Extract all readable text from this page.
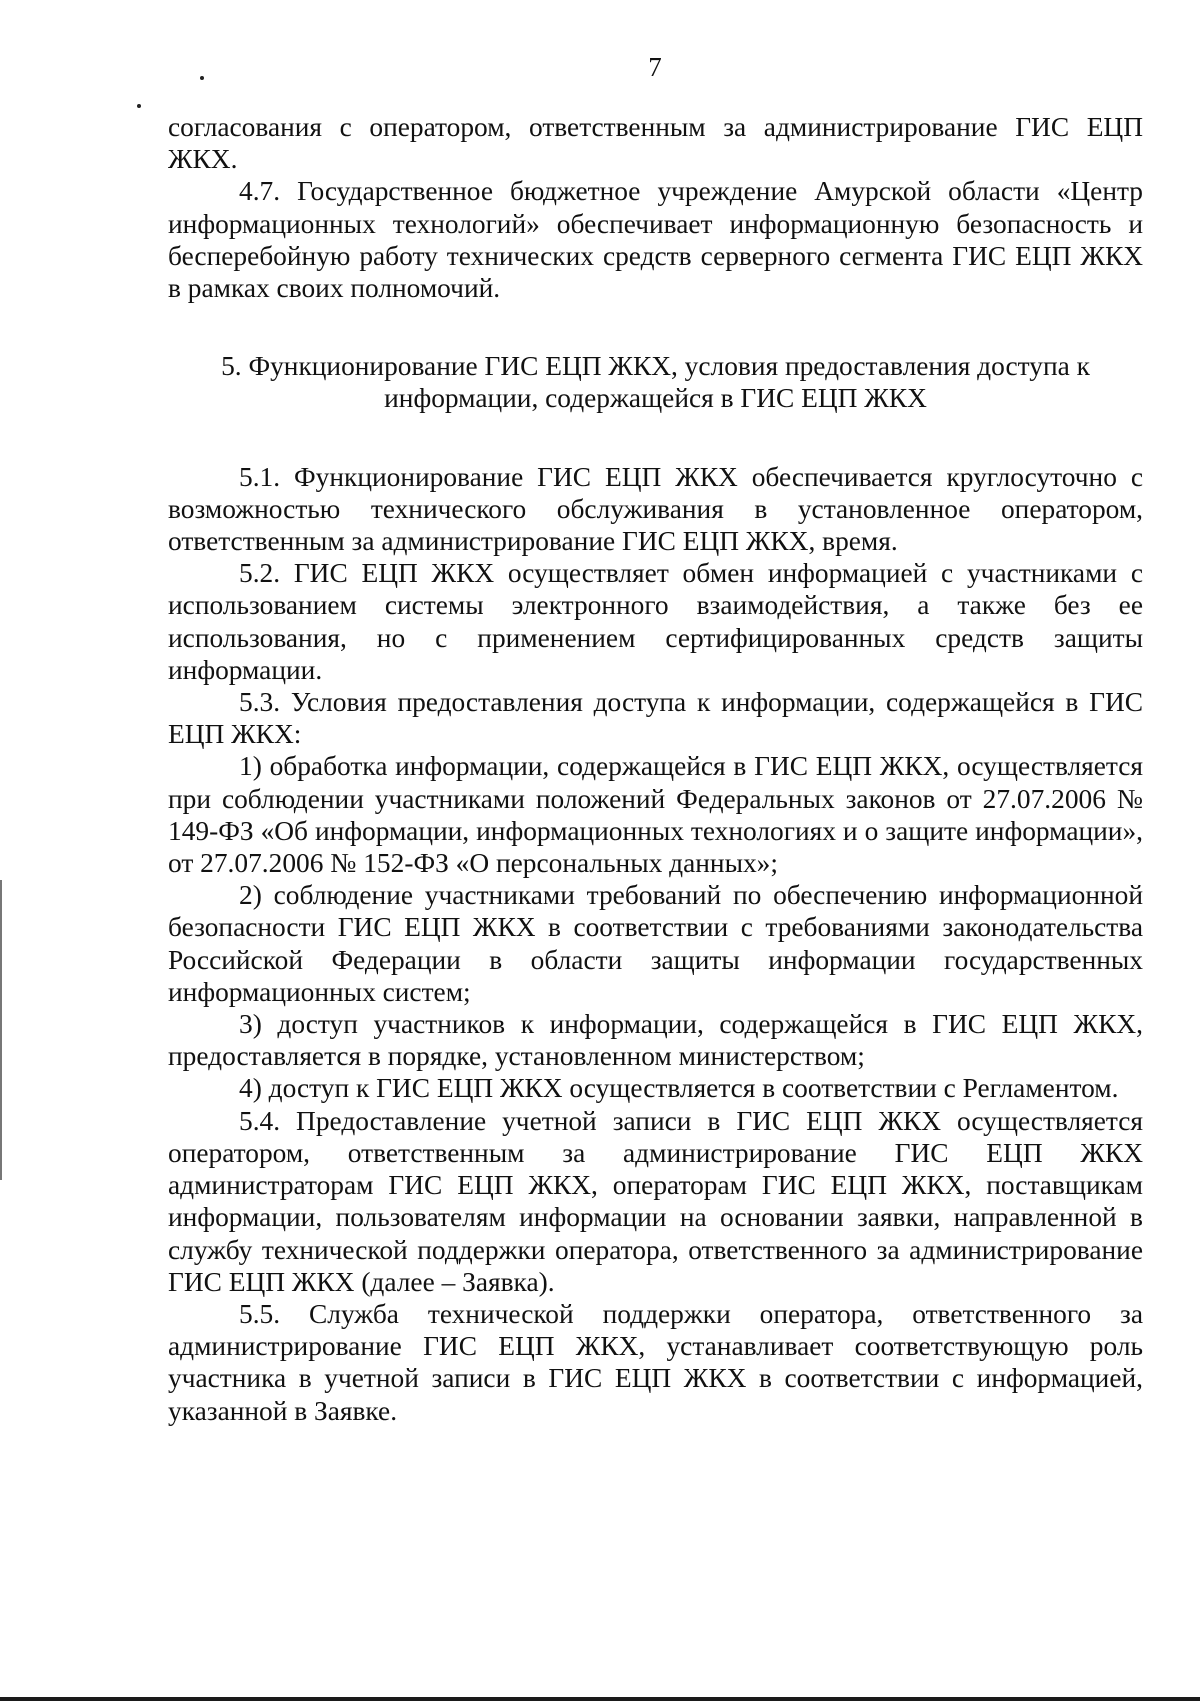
7

согласования с оператором, ответственным за администрирование ГИС ЕЦП ЖКХ.

4.7. Государственное бюджетное учреждение Амурской области «Центр информационных технологий» обеспечивает информационную безопасность и бесперебойную работу технических средств серверного сегмента ГИС ЕЦП ЖКХ в рамках своих полномочий.

5. Функционирование ГИС ЕЦП ЖКХ, условия предоставления доступа к информации, содержащейся в ГИС ЕЦП ЖКХ

5.1. Функционирование ГИС ЕЦП ЖКХ обеспечивается круглосуточно с возможностью технического обслуживания в установленное оператором, ответственным за администрирование ГИС ЕЦП ЖКХ, время.

5.2. ГИС ЕЦП ЖКХ осуществляет обмен информацией с участниками с использованием системы электронного взаимодействия, а также без ее использования, но с применением сертифицированных средств защиты информации.

5.3. Условия предоставления доступа к информации, содержащейся в ГИС ЕЦП ЖКХ:

1) обработка информации, содержащейся в ГИС ЕЦП ЖКХ, осуществляется при соблюдении участниками положений Федеральных законов от 27.07.2006 № 149-ФЗ «Об информации, информационных технологиях и о защите информации», от 27.07.2006 № 152-ФЗ «О персональных данных»;

2) соблюдение участниками требований по обеспечению информационной безопасности ГИС ЕЦП ЖКХ в соответствии с требованиями законодательства Российской Федерации в области защиты информации государственных информационных систем;

3) доступ участников к информации, содержащейся в ГИС ЕЦП ЖКХ, предоставляется в порядке, установленном министерством;

4) доступ к ГИС ЕЦП ЖКХ осуществляется в соответствии с Регламентом.

5.4. Предоставление учетной записи в ГИС ЕЦП ЖКХ осуществляется оператором, ответственным за администрирование ГИС ЕЦП ЖКХ администраторам ГИС ЕЦП ЖКХ, операторам ГИС ЕЦП ЖКХ, поставщикам информации, пользователям информации на основании заявки, направленной в службу технической поддержки оператора, ответственного за администрирование ГИС ЕЦП ЖКХ (далее – Заявка).

5.5. Служба технической поддержки оператора, ответственного за администрирование ГИС ЕЦП ЖКХ, устанавливает соответствующую роль участника в учетной записи в ГИС ЕЦП ЖКХ в соответствии с информацией, указанной в Заявке.
